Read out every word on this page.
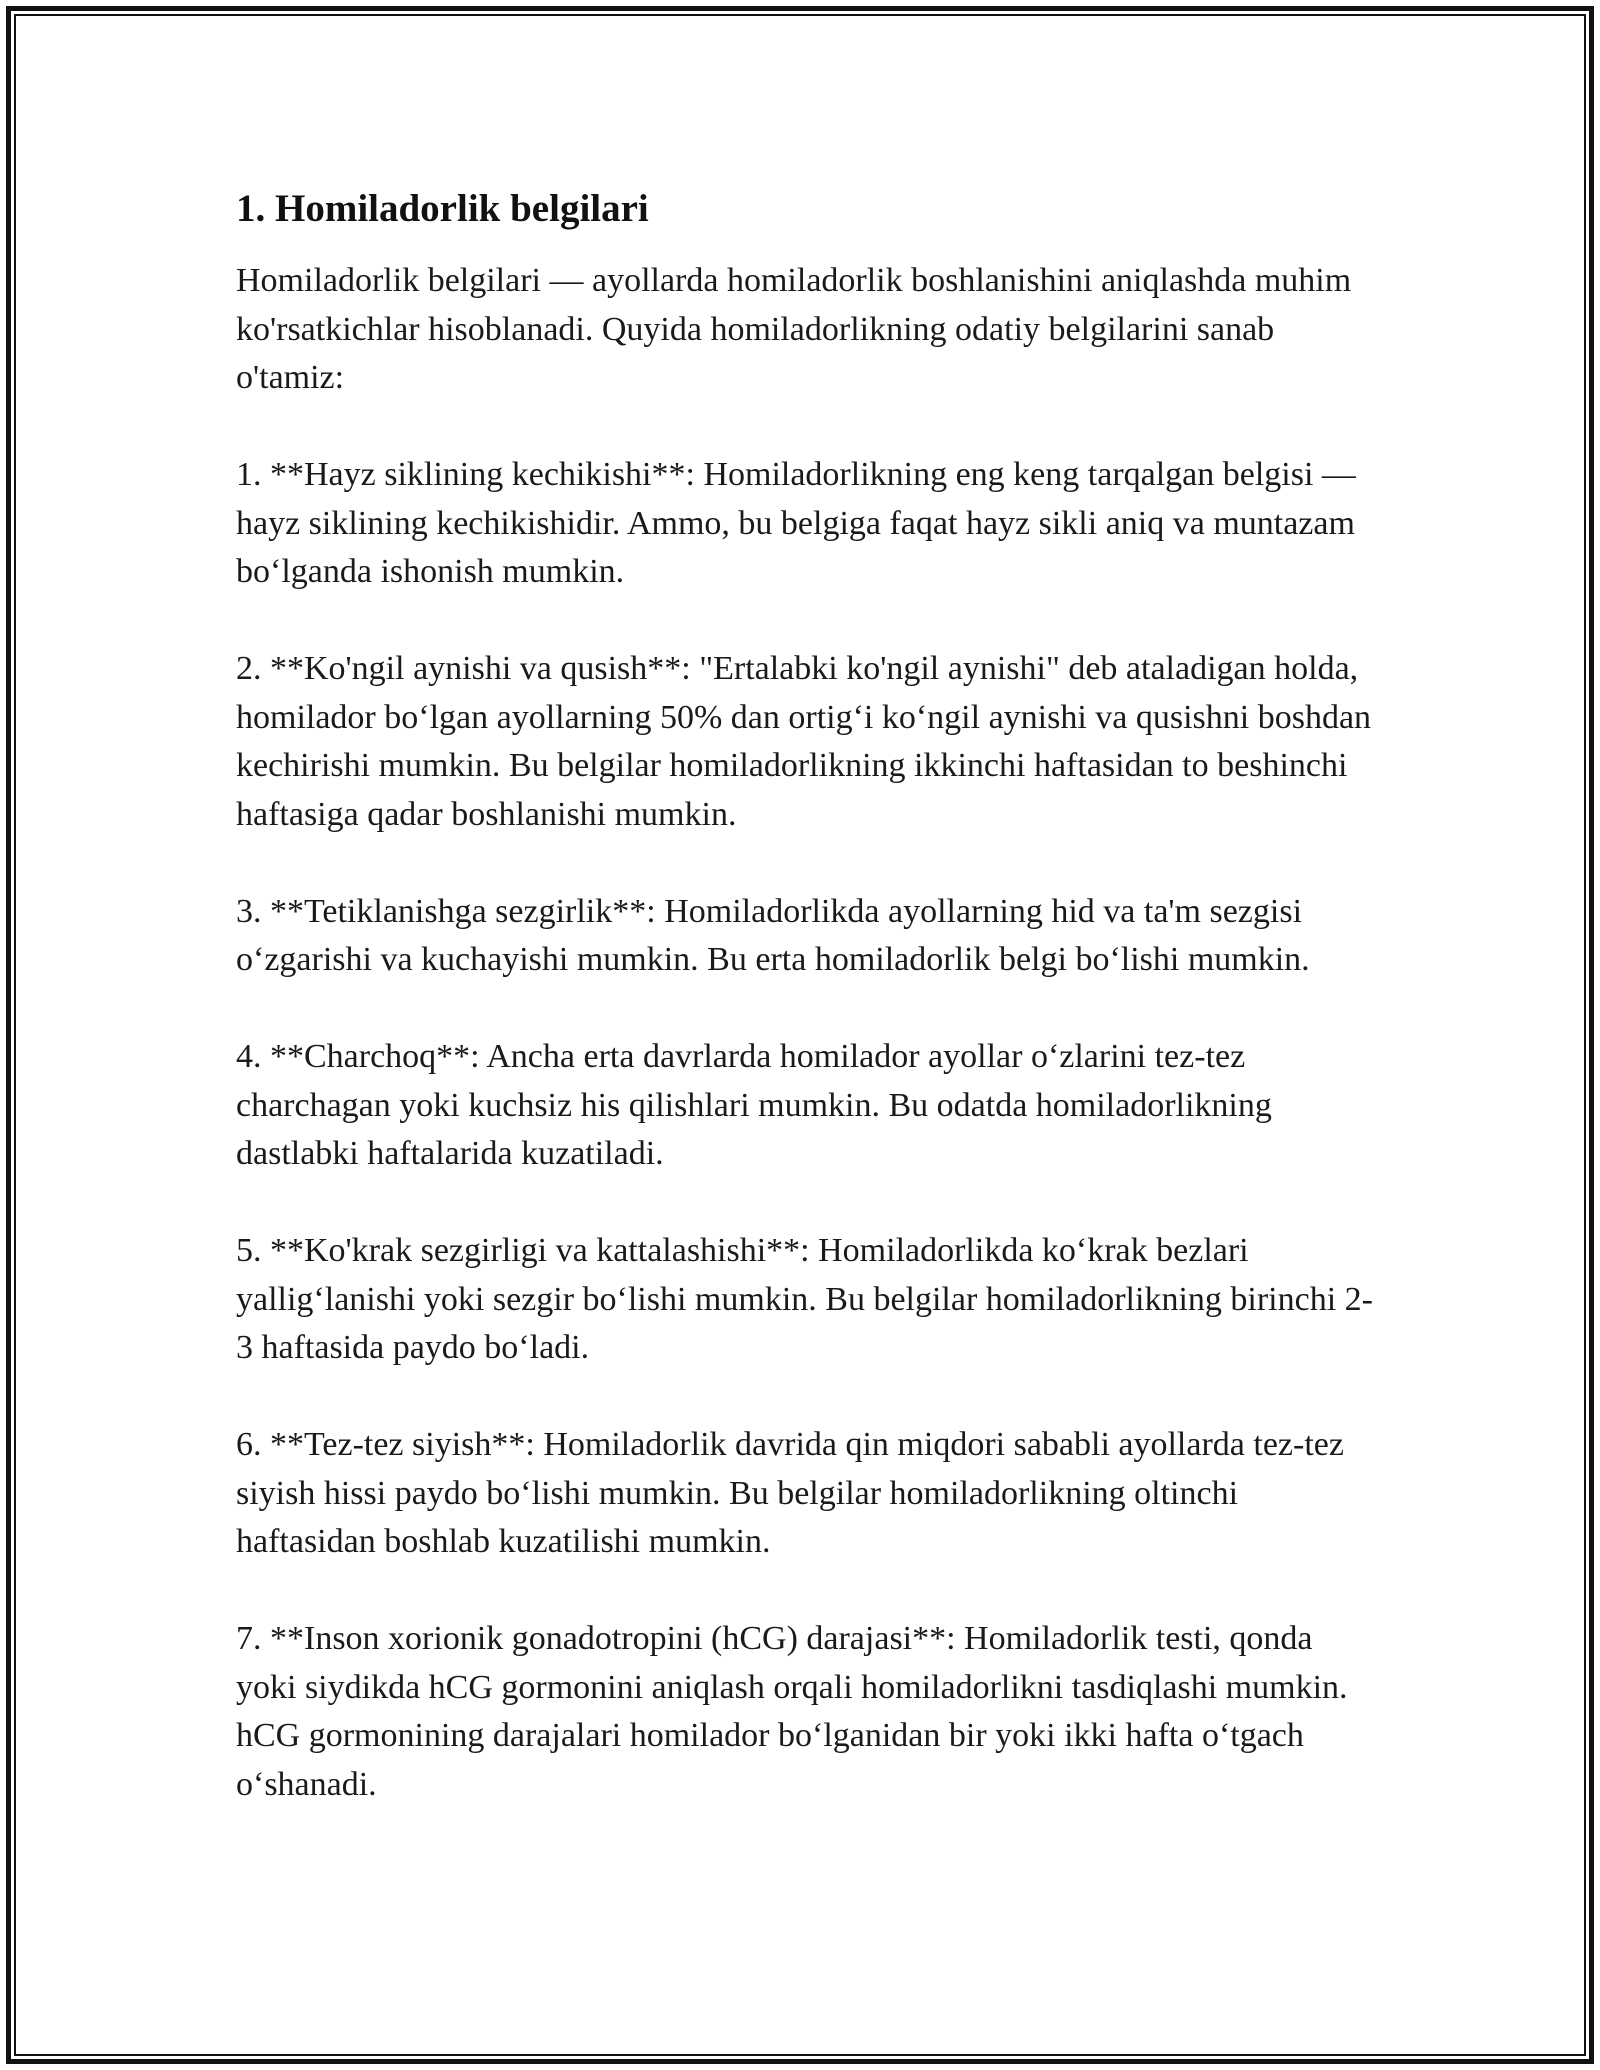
1. Homiladorlik belgilari

Homiladorlik belgilari — ayollarda homiladorlik boshlanishini aniqlashda muhim ko'rsatkichlar hisoblanadi. Quyida homiladorlikning odatiy belgilarini sanab o'tamiz:

1. **Hayz siklining kechikishi**: Homiladorlikning eng keng tarqalgan belgisi — hayz siklining kechikishidir. Ammo, bu belgiga faqat hayz sikli aniq va muntazam bo‘lganda ishonish mumkin.

2. **Ko'ngil aynishi va qusish**: "Ertalabki ko'ngil aynishi" deb ataladigan holda, homilador bo‘lgan ayollarning 50% dan ortig‘i ko‘ngil aynishi va qusishni boshdan kechirishi mumkin. Bu belgilar homiladorlikning ikkinchi haftasidan to beshinchi haftasiga qadar boshlanishi mumkin.

3. **Tetiklanishga sezgirlik**: Homiladorlikda ayollarning hid va ta'm sezgisi o‘zgarishi va kuchayishi mumkin. Bu erta homiladorlik belgi bo‘lishi mumkin.

4. **Charchoq**: Ancha erta davrlarda homilador ayollar o‘zlarini tez-tez charchagan yoki kuchsiz his qilishlari mumkin. Bu odatda homiladorlikning dastlabki haftalarida kuzatiladi.

5. **Ko'krak sezgirligi va kattalashishi**: Homiladorlikda ko‘krak bezlari yallig‘lanishi yoki sezgir bo‘lishi mumkin. Bu belgilar homiladorlikning birinchi 2-3 haftasida paydo bo‘ladi.

6. **Tez-tez siyish**: Homiladorlik davrida qin miqdori sababli ayollarda tez-tez siyish hissi paydo bo‘lishi mumkin. Bu belgilar homiladorlikning oltinchi haftasidan boshlab kuzatilishi mumkin.

7. **Inson xorionik gonadotropini (hCG) darajasi**: Homiladorlik testi, qonda yoki siydikda hCG gormonini aniqlash orqali homiladorlikni tasdiqlashi mumkin. hCG gormonining darajalari homilador bo‘lganidan bir yoki ikki hafta o‘tgach o‘shanadi.
